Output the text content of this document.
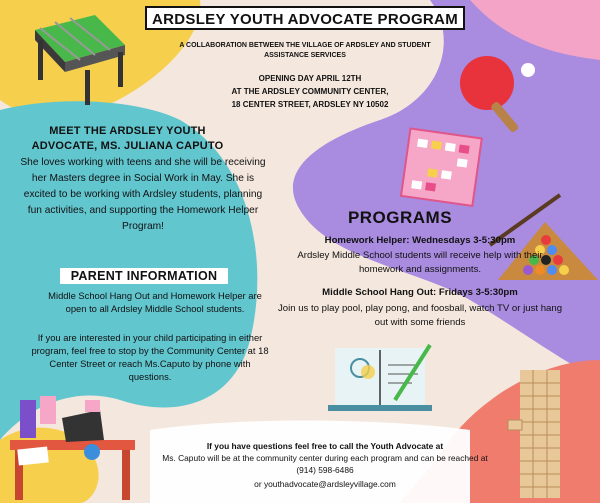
ARDSLEY YOUTH ADVOCATE PROGRAM
A COLLABORATION BETWEEN THE VILLAGE OF ARDSLEY AND STUDENT ASSISTANCE SERVICES
OPENING DAY APRIL 12TH
AT THE ARDSLEY COMMUNITY CENTER,
18 CENTER STREET, ARDSLEY NY 10502
MEET THE ARDSLEY YOUTH ADVOCATE, MS. JULIANA CAPUTO
She loves working with teens and she will be receiving her Masters degree in Social Work in May. She is excited to be working with Ardsley students, planning fun activities, and supporting the Homework Helper Program!
PARENT INFORMATION
Middle School Hang Out and Homework Helper are open to all Ardsley Middle School students.
If you are interested in your child participating in either program, feel free to stop by the Community Center at 18 Center Street or reach Ms.Caputo by phone with questions.
PROGRAMS
Homework Helper: Wednesdays 3-5:30pm
Ardsley Middle School students will receive help with their homework and assignments.
Middle School Hang Out: Fridays 3-5:30pm
Join us to play pool, play pong, and foosball, watch TV or just hang out with some friends
If you have questions feel free to call the Youth Advocate at
Ms. Caputo will be at the community center during each program and can be reached at (914) 598-6486
or youthadvocate@ardsleyvillage.com
